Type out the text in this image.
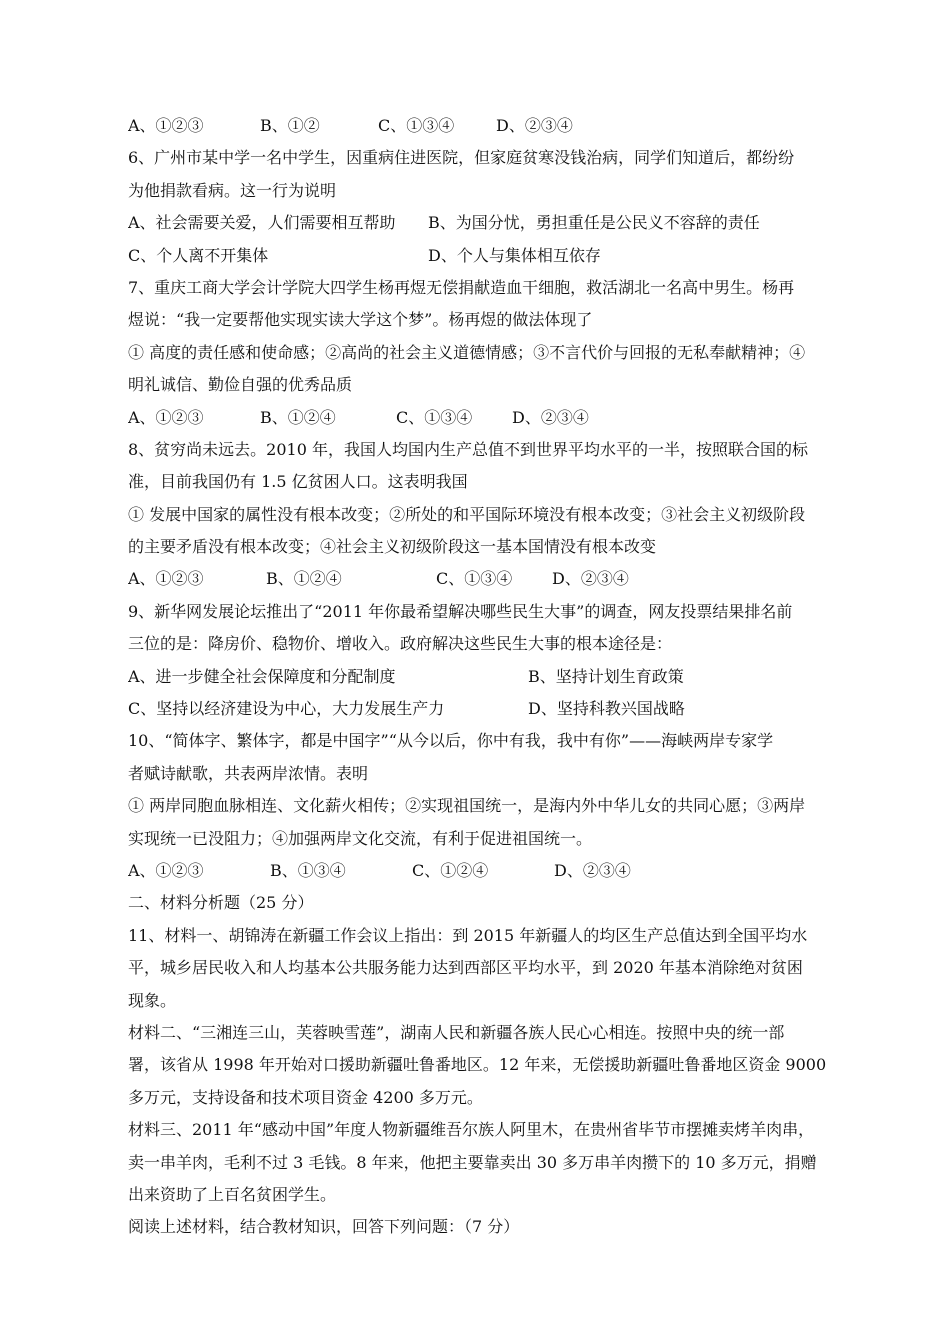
A、①②③	B、①②	C、①③④	D、②③④
6、广州市某中学一名中学生，因重病住进医院，但家庭贫寒没钱治病，同学们知道后，都纷纷
为他捐款看病。这一行为说明
A、社会需要关爱，人们需要相互帮助	B、为国分忧，勇担重任是公民义不容辞的责任
C、个人离不开集体	D、个人与集体相互依存
7、重庆工商大学会计学院大四学生杨再煜无偿捐献造血干细胞，救活湖北一名高中男生。杨再
煜说：“我一定要帮他实现实读大学这个梦”。杨再煜的做法体现了
① 高度的责任感和使命感；②高尚的社会主义道德情感；③不言代价与回报的无私奉献精神；④
明礼诚信、勤俭自强的优秀品质
A、①②③	B、①②④	C、①③④	D、②③④
8、贫穷尚未远去。2010 年，我国人均国内生产总值不到世界平均水平的一半，按照联合国的标
准，目前我国仍有 1.5 亿贫困人口。这表明我国
① 发展中国家的属性没有根本改变；②所处的和平国际环境没有根本改变；③社会主义初级阶段
的主要矛盾没有根本改变；④社会主义初级阶段这一基本国情没有根本改变
A、①②③	B、①②④	C、①③④	D、②③④
9、新华网发展论坛推出了“2011 年你最希望解决哪些民生大事”的调查，网友投票结果排名前
三位的是：降房价、稳物价、增收入。政府解决这些民生大事的根本途径是：
A、进一步健全社会保障度和分配制度	B、坚持计划生育政策
C、坚持以经济建设为中心，大力发展生产力	D、坚持科教兴国战略
10、“简体字、繁体字，都是中国字”“从今以后，你中有我，我中有你”——海峡两岸专家学
者赋诗献歌，共表两岸浓情。表明
① 两岸同胞血脉相连、文化薪火相传；②实现祖国统一，是海内外中华儿女的共同心愿；③两岸
实现统一已没阻力；④加强两岸文化交流，有利于促进祖国统一。
A、①②③	B、①③④	C、①②④	D、②③④
二、材料分析题（25 分）
11、材料一、胡锦涛在新疆工作会议上指出：到 2015 年新疆人的均区生产总值达到全国平均水
平，城乡居民收入和人均基本公共服务能力达到西部区平均水平，到 2020 年基本消除绝对贫困
现象。
材料二、“三湘连三山，芙蓉映雪莲”，湖南人民和新疆各族人民心心相连。按照中央的统一部
署，该省从 1998 年开始对口援助新疆吐鲁番地区。12 年来，无偿援助新疆吐鲁番地区资金 9000
多万元，支持设备和技术项目资金 4200 多万元。
材料三、2011 年“感动中国”年度人物新疆维吾尔族人阿里木，在贵州省毕节市摆摊卖烤羊肉串，
卖一串羊肉，毛利不过 3 毛钱。8 年来，他把主要靠卖出 30 多万串羊肉攒下的 10 多万元，捐赠
出来资助了上百名贫困学生。
阅读上述材料，结合教材知识，回答下列问题：（7 分）
